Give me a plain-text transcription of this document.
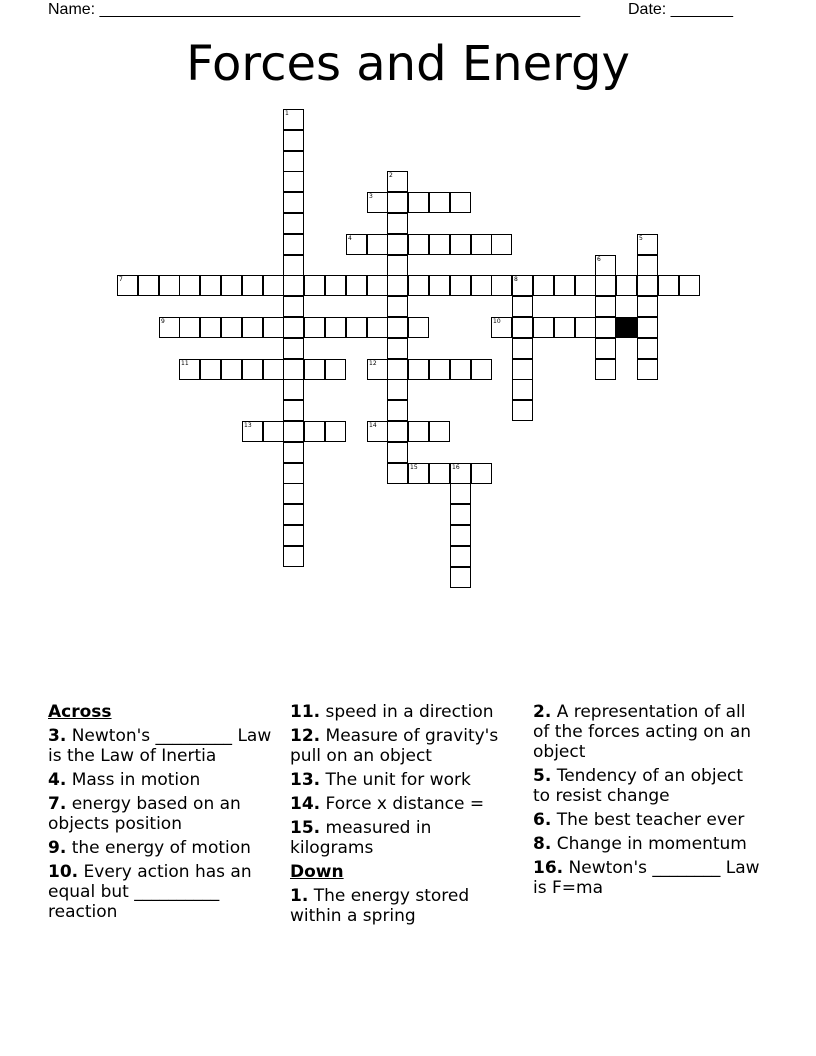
Name: ______________________________________________________	Date: _______
Forces and Energy
1
2
3
4	5
6
7	8
9	10
11	12
13	14
15	16
Across
3. Newton's _________ Law is the Law of Inertia
4. Mass in motion
7. energy based on an objects position
9. the energy of motion
10. Every action has an equal but __________ reaction
11. speed in a direction
12. Measure of gravity's pull on an object
13. The unit for work
14. Force x distance =
15. measured in kilograms
Down
1. The energy stored within a spring
2. A representation of all of the forces acting on an object
5. Tendency of an object to resist change
6. The best teacher ever
8. Change in momentum
16. Newton's ________ Law is F=ma
